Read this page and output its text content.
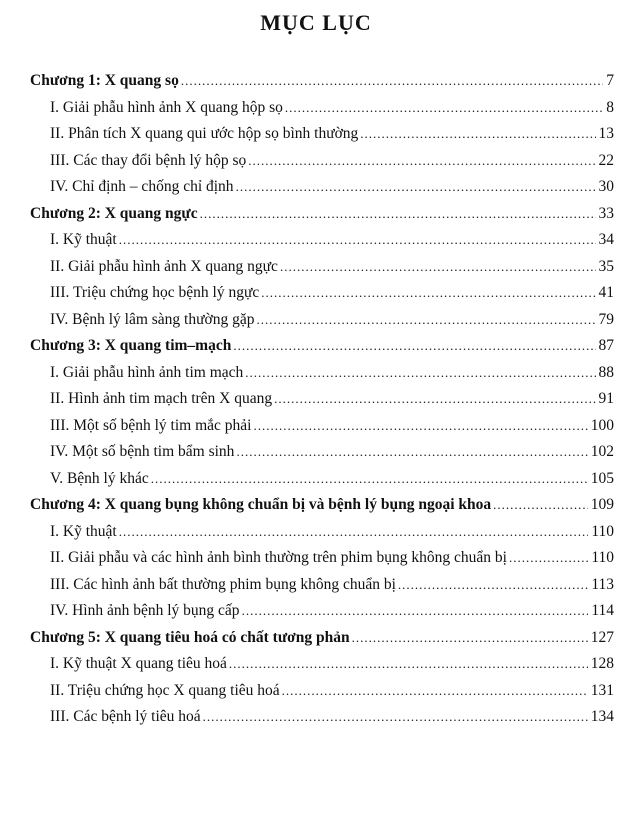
MỤC LỤC
Chương 1: X quang sọ .....	7
I. Giải phẫu hình ảnh X quang hộp sọ .....	8
II. Phân tích X quang qui ước hộp sọ bình thường .....	13
III. Các thay đổi bệnh lý hộp sọ .....	22
IV. Chỉ định – chống chỉ định .....	30
Chương 2: X quang ngực .....	33
I. Kỹ thuật .....	34
II. Giải phẫu hình ảnh X quang ngực .....	35
III. Triệu chứng học bệnh lý ngực .....	41
IV. Bệnh lý lâm sàng thường gặp .....	79
Chương 3: X quang tim–mạch .....	87
I. Giải phẫu hình ảnh tim mạch .....	88
II. Hình ảnh tim mạch trên X quang .....	91
III. Một số bệnh lý tim mắc phải .....	100
IV. Một số bệnh tim bẩm sinh .....	102
V. Bệnh lý khác .....	105
Chương 4: X quang bụng không chuẩn bị và bệnh lý bụng ngoại khoa .....	109
I. Kỹ thuật .....	110
II. Giải phẫu và các hình ảnh bình thường trên phim bụng không chuẩn bị .....	110
III. Các hình ảnh bất thường phim bụng không chuẩn bị .....	113
IV. Hình ảnh bệnh lý bụng cấp .....	114
Chương 5: X quang tiêu hoá có chất tương phản .....	127
I. Kỹ thuật X quang tiêu hoá .....	128
II. Triệu chứng học X quang tiêu hoá .....	131
III. Các bệnh lý tiêu hoá .....	134
